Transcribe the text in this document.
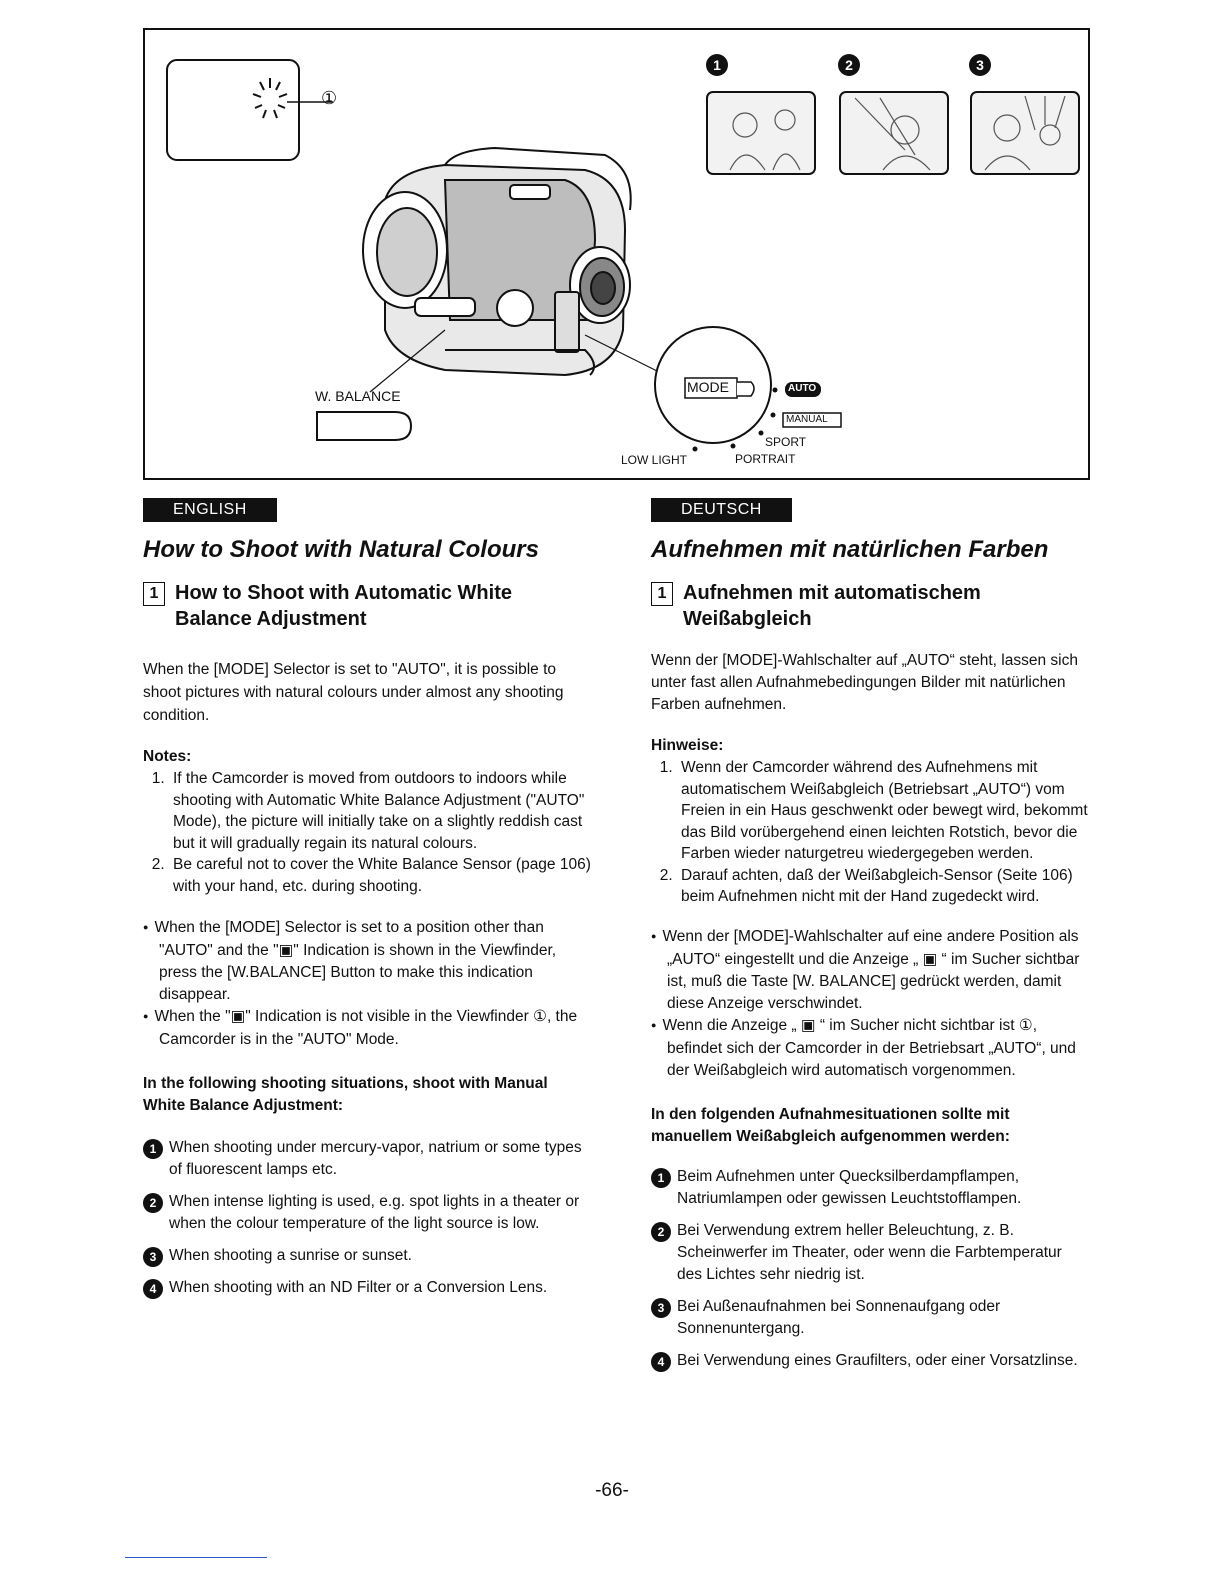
①
W. BALANCE
MODE	AUTO
MANUAL
SPORT
PORTRAIT
LOW LIGHT
1	2	3
ENGLISH
How to Shoot with Natural Colours
1 How to Shoot with Automatic White Balance Adjustment

When the [MODE] Selector is set to "AUTO", it is possible to shoot pictures with natural colours under almost any shooting condition.

Notes:

1. If the Camcorder is moved from outdoors to indoors while shooting with Automatic White Balance Adjustment ("AUTO" Mode), the picture will initially take on a slightly reddish cast but it will gradually regain its natural colours.
2. Be careful not to cover the White Balance Sensor (page 106) with your hand, etc. during shooting.

● When the [MODE] Selector is set to a position other than "AUTO" and the "▣" Indication is shown in the Viewfinder, press the [W.BALANCE] Button to make this indication disappear.

● When the "▣" Indication is not visible in the Viewfinder ①, the Camcorder is in the "AUTO" Mode.

In the following shooting situations, shoot with Manual White Balance Adjustment:

1 When shooting under mercury-vapor, natrium or some types of fluorescent lamps etc.
2 When intense lighting is used, e.g. spot lights in a theater or when the colour temperature of the light source is low.
3 When shooting a sunrise or sunset.
4 When shooting with an ND Filter or a Conversion Lens.
DEUTSCH
Aufnehmen mit natürlichen Farben
1 Aufnehmen mit automatischem Weißabgleich

Wenn der [MODE]-Wahlschalter auf „AUTO“ steht, lassen sich unter fast allen Aufnahmebedingungen Bilder mit natürlichen Farben aufnehmen.

Hinweise:

1. Wenn der Camcorder während des Aufnehmens mit automatischem Weißabgleich (Betriebsart „AUTO“) vom Freien in ein Haus geschwenkt oder bewegt wird, bekommt das Bild vorübergehend einen leichten Rotstich, bevor die Farben wieder naturgetreu wiedergegeben werden.
2. Darauf achten, daß der Weißabgleich-Sensor (Seite 106) beim Aufnehmen nicht mit der Hand zugedeckt wird.

● Wenn der [MODE]-Wahlschalter auf eine andere Position als „AUTO“ eingestellt und die Anzeige „ ▣ “ im Sucher sichtbar ist, muß die Taste [W. BALANCE] gedrückt werden, damit diese Anzeige verschwindet.

● Wenn die Anzeige „ ▣ “ im Sucher nicht sichtbar ist ①, befindet sich der Camcorder in der Betriebsart „AUTO“, und der Weißabgleich wird automatisch vorgenommen.

In den folgenden Aufnahmesituationen sollte mit manuellem Weißabgleich aufgenommen werden:

1 Beim Aufnehmen unter Quecksilberdampflampen, Natriumlampen oder gewissen Leuchtstofflampen.
2 Bei Verwendung extrem heller Beleuchtung, z. B. Scheinwerfer im Theater, oder wenn die Farbtemperatur des Lichtes sehr niedrig ist.
3 Bei Außenaufnahmen bei Sonnenaufgang oder Sonnenuntergang.
4 Bei Verwendung eines Graufilters, oder einer Vorsatzlinse.
-66-
